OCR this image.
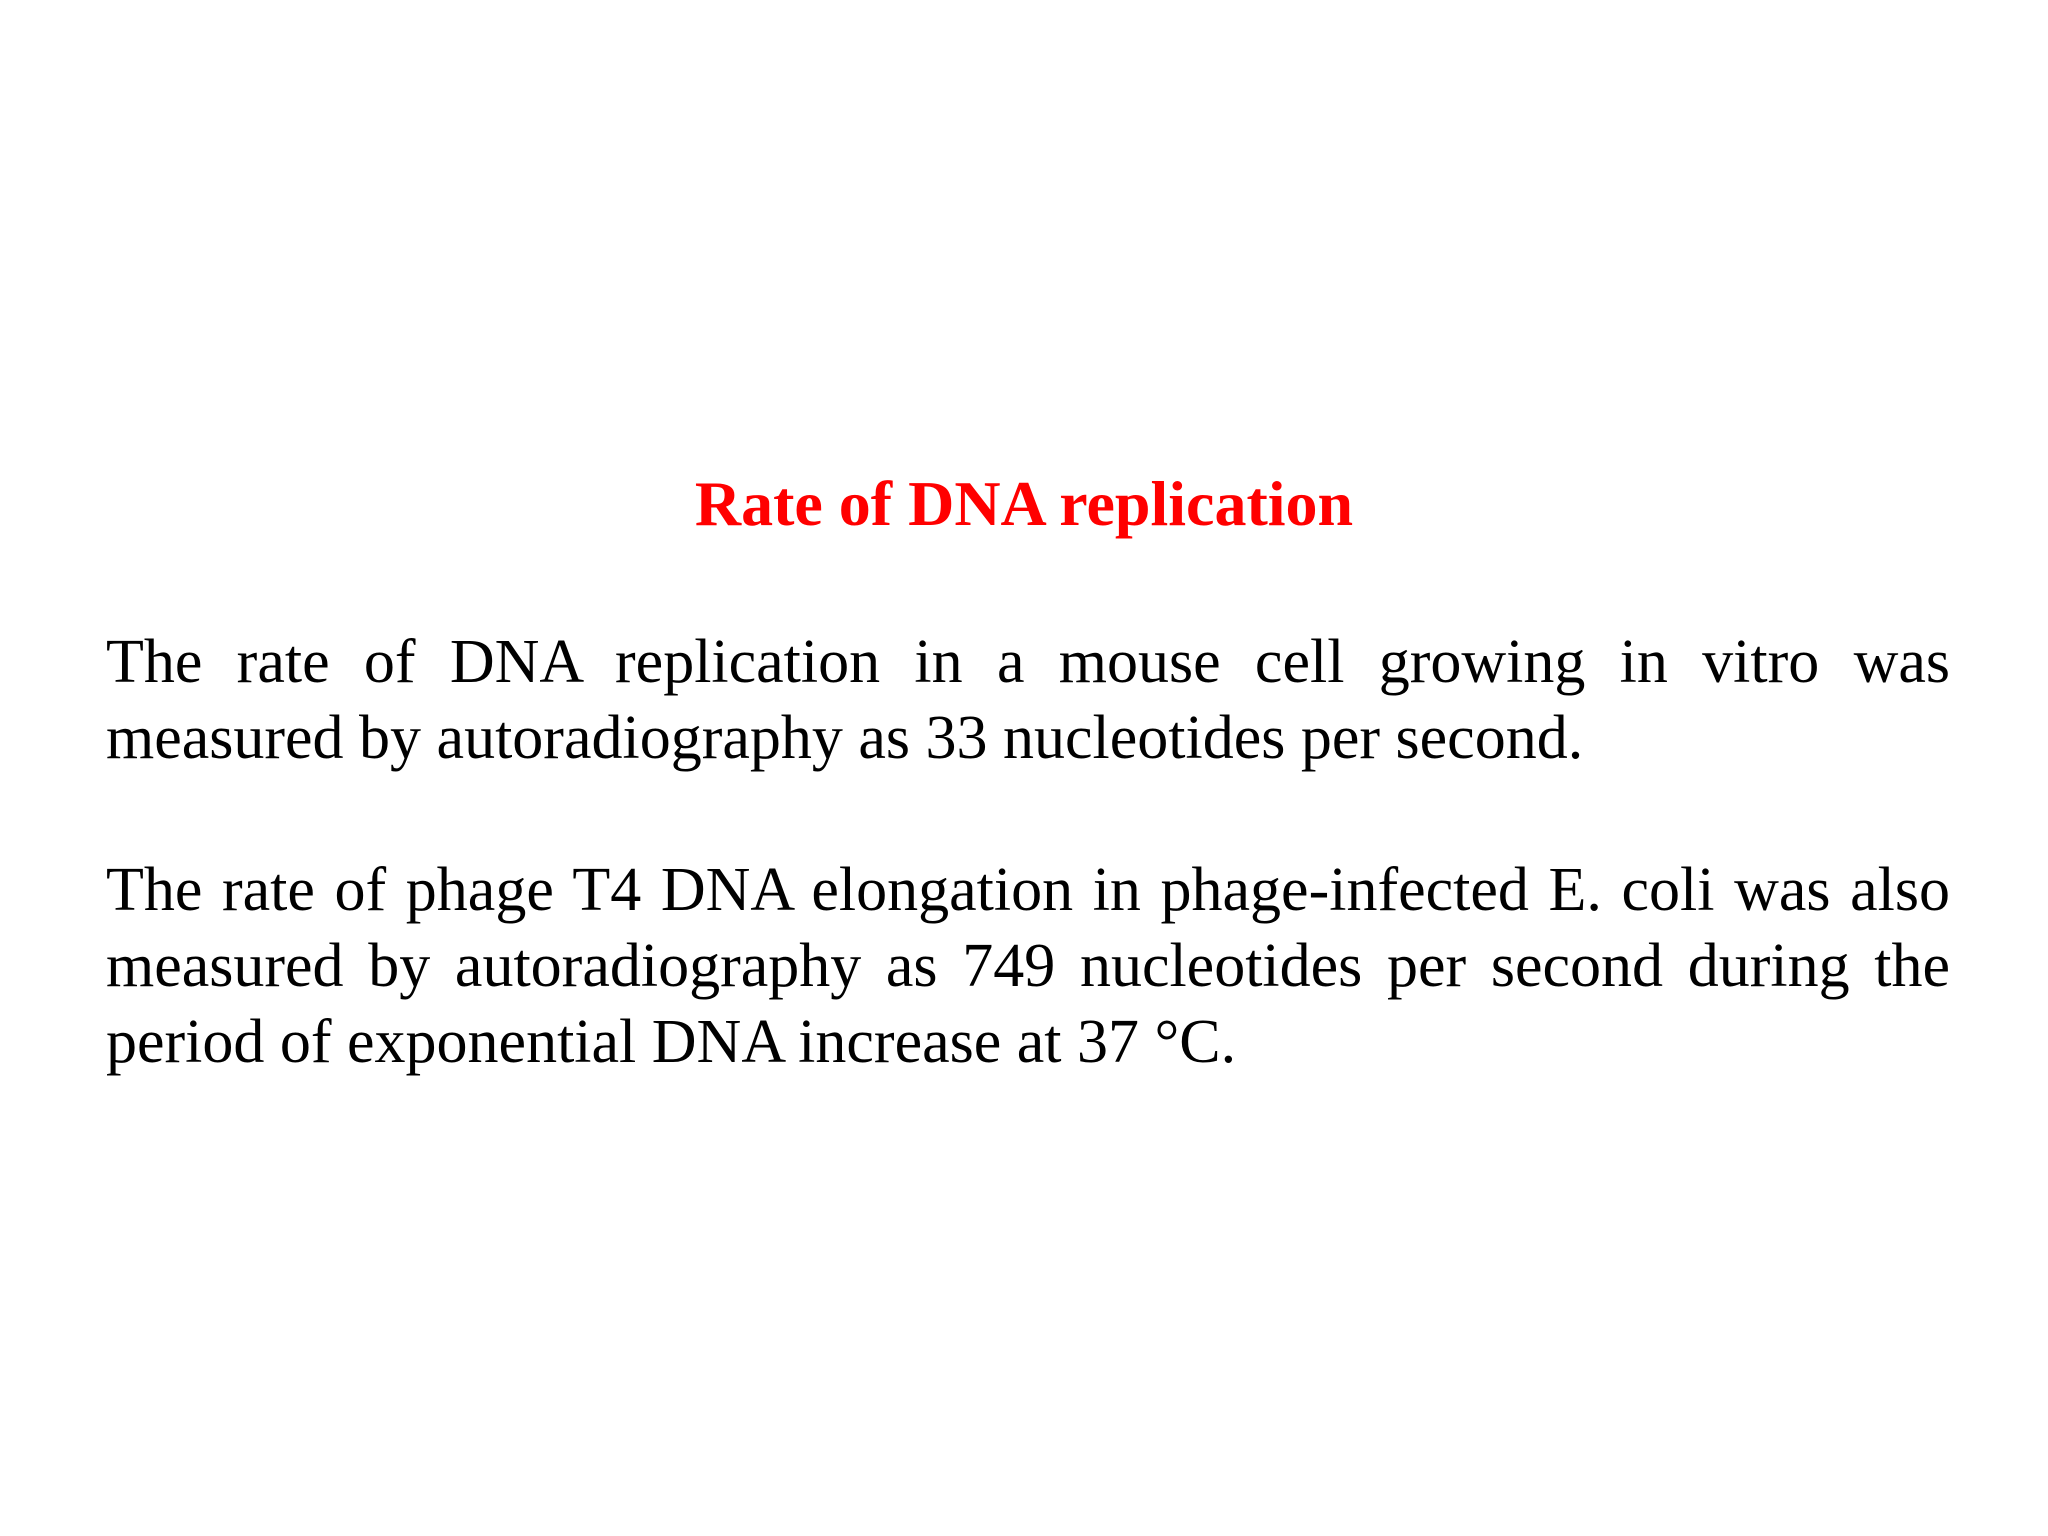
Rate of DNA replication

The rate of DNA replication in a mouse cell growing in vitro was measured by autoradiography as 33 nucleotides per second.

The rate of phage T4 DNA elongation in phage-infected E. coli was also measured by autoradiography as 749 nucleotides per second during the period of exponential DNA increase at 37 °C.
